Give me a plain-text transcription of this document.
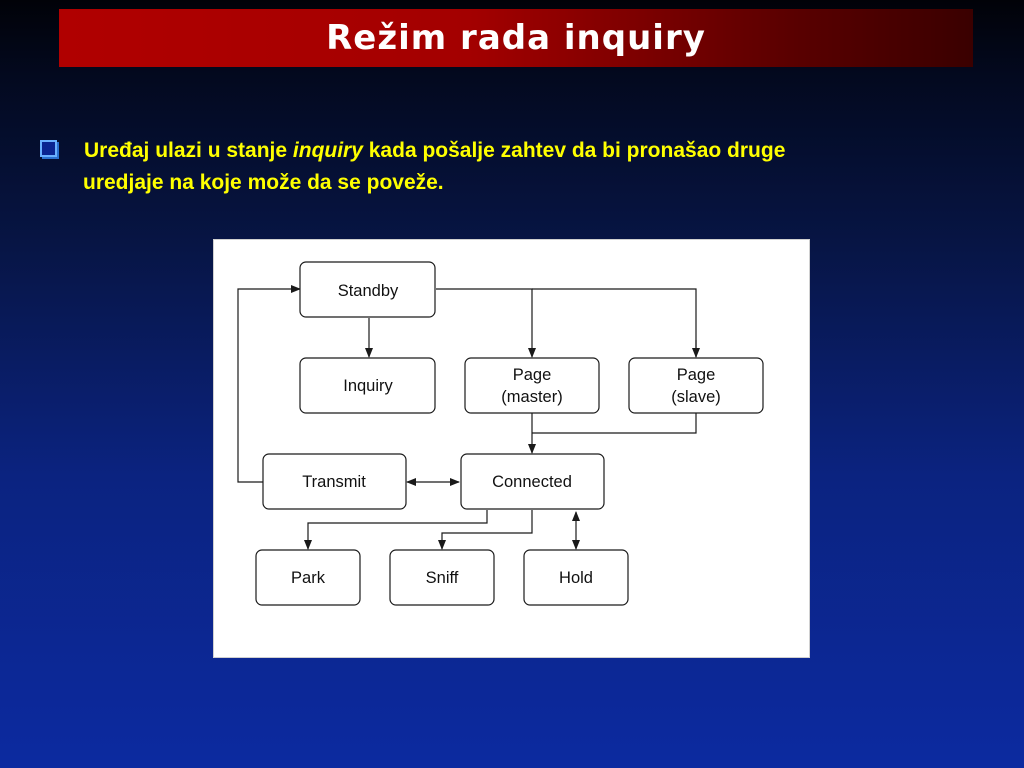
Režim rada inquiry
Uređaj ulazi u stanje inquiry kada pošalje zahtev da bi pronašao druge
uredjaje na koje može da se poveže.
Standby
Inquiry
Page
(master)
Page
(slave)
Transmit	Connected
Park	Sniff	Hold
